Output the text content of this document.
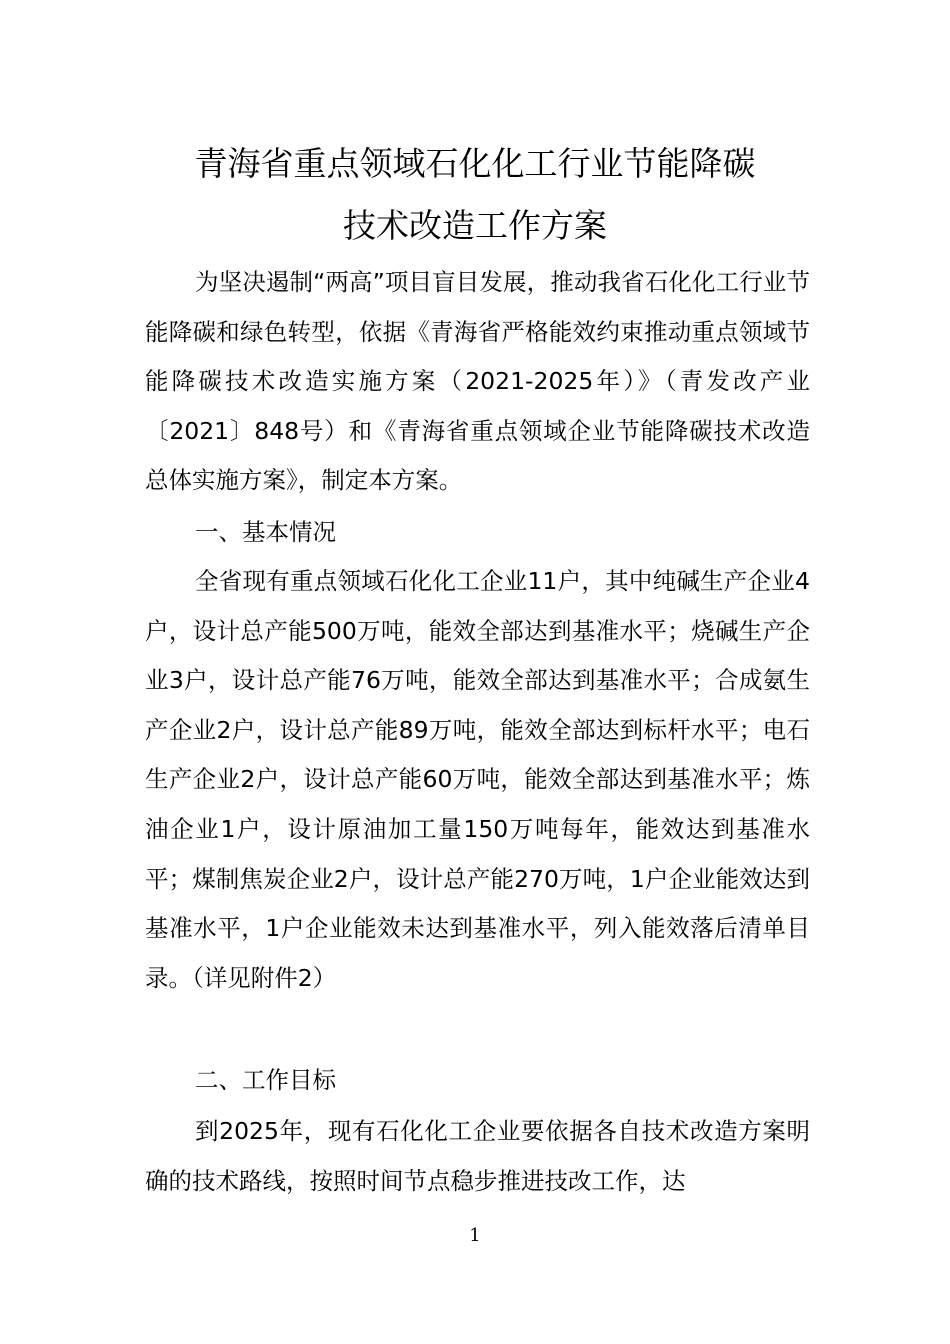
青海省重点领域石化化工行业节能降碳
技术改造工作方案

为坚决遏制“两高”项目盲目发展，推动我省石化化工行业节能降碳和绿色转型，依据《青海省严格能效约束推动重点领域节能降碳技术改造实施方案（2021-2025年）》（青发改产业〔2021〕848号）和《青海省重点领域企业节能降碳技术改造总体实施方案》，制定本方案。

一、基本情况

全省现有重点领域石化化工企业11户，其中纯碱生产企业4户，设计总产能500万吨，能效全部达到基准水平；烧碱生产企业3户，设计总产能76万吨，能效全部达到基准水平；合成氨生产企业2户，设计总产能89万吨，能效全部达到标杆水平；电石生产企业2户，设计总产能60万吨，能效全部达到基准水平；炼油企业1户，设计原油加工量150万吨每年，能效达到基准水平；煤制焦炭企业2户，设计总产能270万吨，1户企业能效达到基准水平，1户企业能效未达到基准水平，列入能效落后清单目录。（详见附件2）

二、工作目标

到2025年，现有石化化工企业要依据各自技术改造方案明确的技术路线，按照时间节点稳步推进技改工作，达

1
